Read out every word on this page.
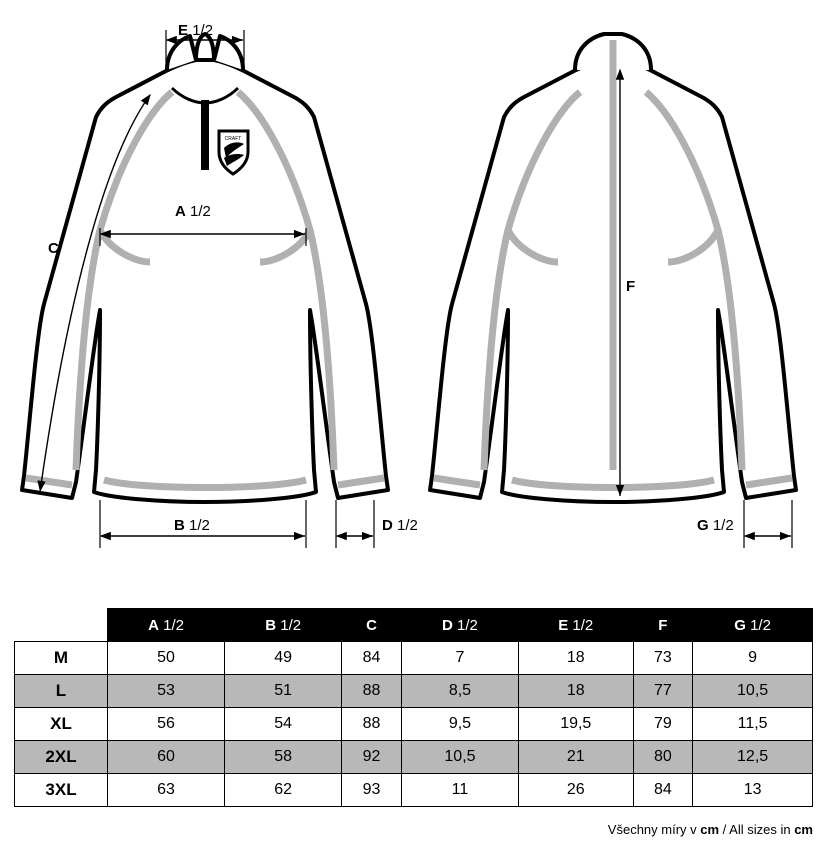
CRAFT
E 1/2
A 1/2
C
B 1/2	D 1/2
F
G 1/2
	A 1/2	B 1/2	C	D 1/2	E 1/2	F	G 1/2
M	50	49	84	7	18	73	9
L	53	51	88	8,5	18	77	10,5
XL	56	54	88	9,5	19,5	79	11,5
2XL	60	58	92	10,5	21	80	12,5
3XL	63	62	93	11	26	84	13
Všechny míry v cm / All sizes in cm
